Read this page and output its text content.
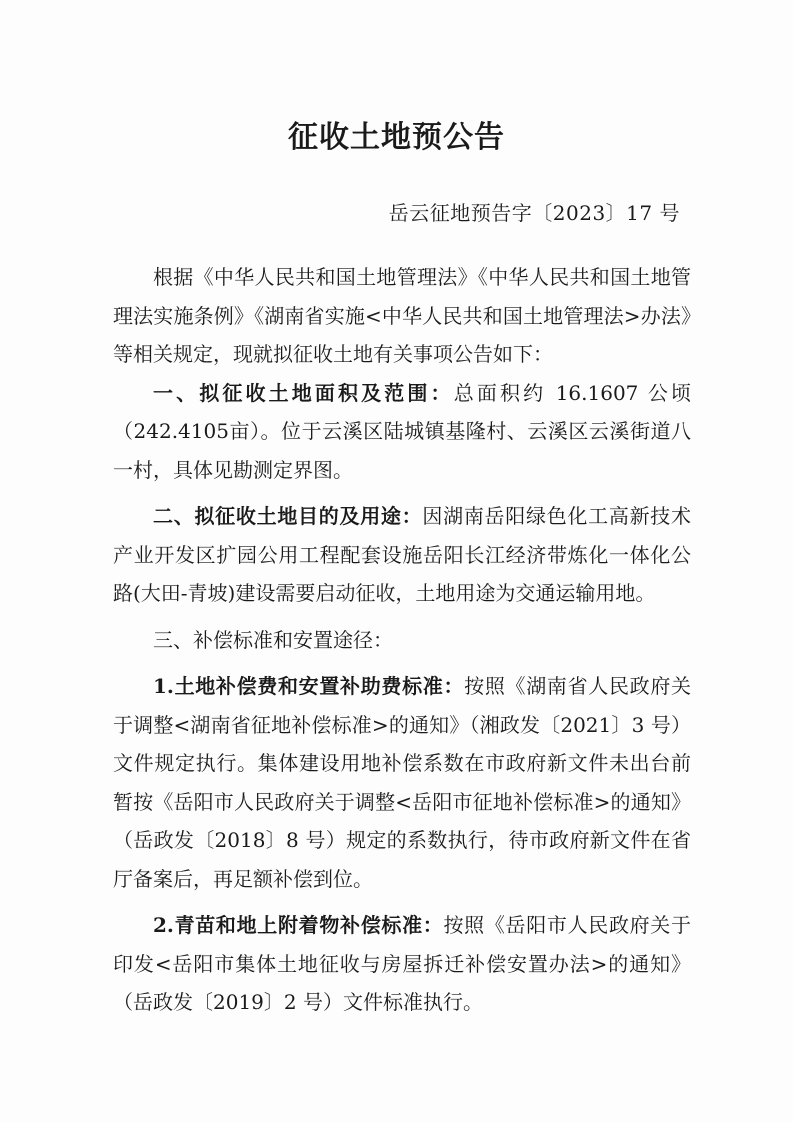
征收土地预公告
岳云征地预告字〔2023〕17 号

根据《中华人民共和国土地管理法》《中华人民共和国土地管理法实施条例》《湖南省实施<中华人民共和国土地管理法>办法》等相关规定，现就拟征收土地有关事项公告如下：

一、拟征收土地面积及范围：总面积约 16.1607 公顷（242.4105亩）。位于云溪区陆城镇基隆村、云溪区云溪街道八一村，具体见勘测定界图。

二、拟征收土地目的及用途：因湖南岳阳绿色化工高新技术产业开发区扩园公用工程配套设施岳阳长江经济带炼化一体化公路(大田-青坡)建设需要启动征收，土地用途为交通运输用地。

三、补偿标准和安置途径：

1.土地补偿费和安置补助费标准：按照《湖南省人民政府关于调整<湖南省征地补偿标准>的通知》（湘政发〔2021〕3 号）文件规定执行。集体建设用地补偿系数在市政府新文件未出台前暂按《岳阳市人民政府关于调整<岳阳市征地补偿标准>的通知》（岳政发〔2018〕8 号）规定的系数执行，待市政府新文件在省厅备案后，再足额补偿到位。

2.青苗和地上附着物补偿标准：按照《岳阳市人民政府关于印发<岳阳市集体土地征收与房屋拆迁补偿安置办法>的通知》（岳政发〔2019〕2 号）文件标准执行。
